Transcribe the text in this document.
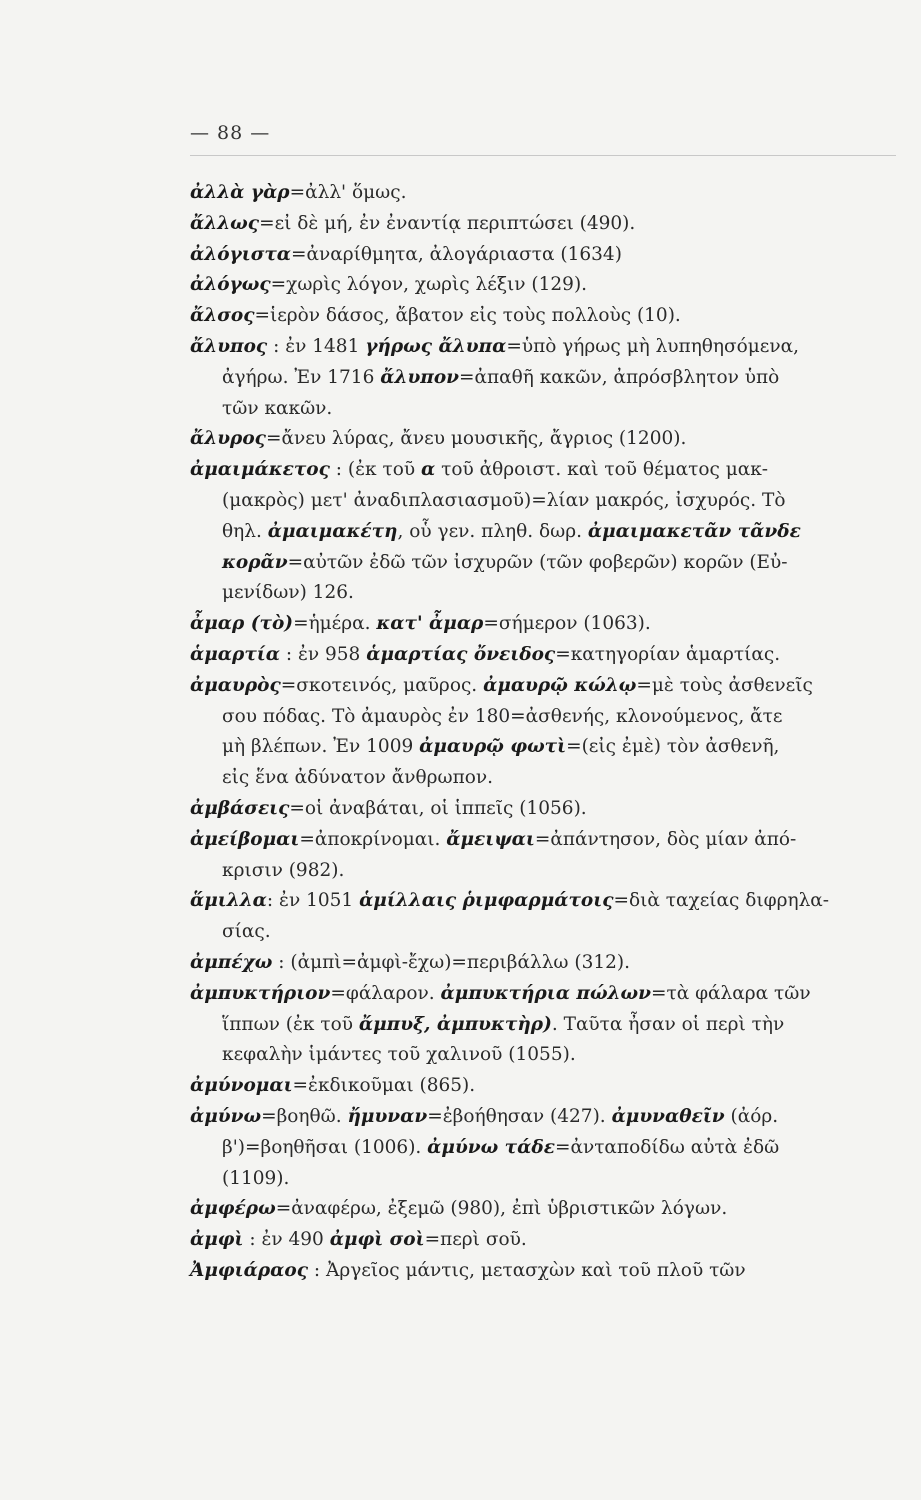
— 88 —
ἀλλὰ γὰρ=ἀλλ' ὅμως.
ἄλλως=εἰ δὲ μή, ἐν ἐναντίᾳ περιπτώσει (490).
ἀλόγιστα=ἀναρίθμητα, ἀλογάριαστα (1634)
ἀλόγως=χωρὶς λόγον, χωρὶς λέξιν (129).
ἄλσος=ἱερὸν δάσος, ἄβατον εἰς τοὺς πολλοὺς (10).
ἄλυπος : ἐν 1481 γήρως ἄλυπα=ὑπὸ γήρως μὴ λυπηθησόμενα,
ἀγήρω. Ἐν 1716 ἄλυπον=ἀπαθῆ κακῶν, ἀπρόσβλητον ὑπὸ
τῶν κακῶν.
ἄλυρος=ἄνευ λύρας, ἄνευ μουσικῆς, ἄγριος (1200).
ἀμαιμάκετος : (ἐκ τοῦ α τοῦ ἀθροιστ. καὶ τοῦ θέματος μακ-
(μακρὸς) μετ' ἀναδιπλασιασμοῦ)=λίαν μακρός, ἰσχυρός. Τὸ
θηλ. ἀμαιμακέτη, οὗ γεν. πληθ. δωρ. ἀμαιμακετᾶν τᾶνδε
κορᾶν=αὐτῶν ἐδῶ τῶν ἰσχυρῶν (τῶν φοβερῶν) κορῶν (Εὐ-
μενίδων) 126.
ἆμαρ (τὸ)=ἡμέρα. κατ' ἆμαρ=σήμερον (1063).
ἁμαρτία : ἐν 958 ἁμαρτίας ὄνειδος=κατηγορίαν ἁμαρτίας.
ἀμαυρὸς=σκοτεινός, μαῦρος. ἀμαυρῷ κώλῳ=μὲ τοὺς ἀσθενεῖς
σου πόδας. Τὸ ἀμαυρὸς ἐν 180=ἀσθενής, κλονούμενος, ἄτε
μὴ βλέπων. Ἐν 1009 ἀμαυρῷ φωτὶ=(εἰς ἐμὲ) τὸν ἀσθενῆ,
εἰς ἕνα ἀδύνατον ἄνθρωπον.
ἀμβάσεις=οἱ ἀναβάται, οἱ ἱππεῖς (1056).
ἀμείβομαι=ἀποκρίνομαι. ἄμειψαι=ἀπάντησον, δὸς μίαν ἀπό-
κρισιν (982).
ἅμιλλα: ἐν 1051 ἁμίλλαις ῥιμφαρμάτοις=διὰ ταχείας διφρηλα-
σίας.
ἀμπέχω : (ἀμπὶ=ἀμφὶ-ἔχω)=περιβάλλω (312).
ἀμπυκτήριον=φάλαρον. ἀμπυκτήρια πώλων=τὰ φάλαρα τῶν
ἵππων (ἐκ τοῦ ἄμπυξ, ἀμπυκτὴρ). Ταῦτα ἦσαν οἱ περὶ τὴν
κεφαλὴν ἱμάντες τοῦ χαλινοῦ (1055).
ἀμύνομαι=ἐκδικοῦμαι (865).
ἀμύνω=βοηθῶ. ἤμυναν=ἐβοήθησαν (427). ἀμυναθεῖν (ἀόρ.
β')=βοηθῆσαι (1006). ἀμύνω τάδε=ἀνταποδίδω αὐτὰ ἐδῶ
(1109).
ἀμφέρω=ἀναφέρω, ἐξεμῶ (980), ἐπὶ ὑβριστικῶν λόγων.
ἀμφὶ : ἐν 490 ἀμφὶ σοὶ=περὶ σοῦ.
Ἀμφιάραος : Ἀργεῖος μάντις, μετασχὼν καὶ τοῦ πλοῦ τῶν
